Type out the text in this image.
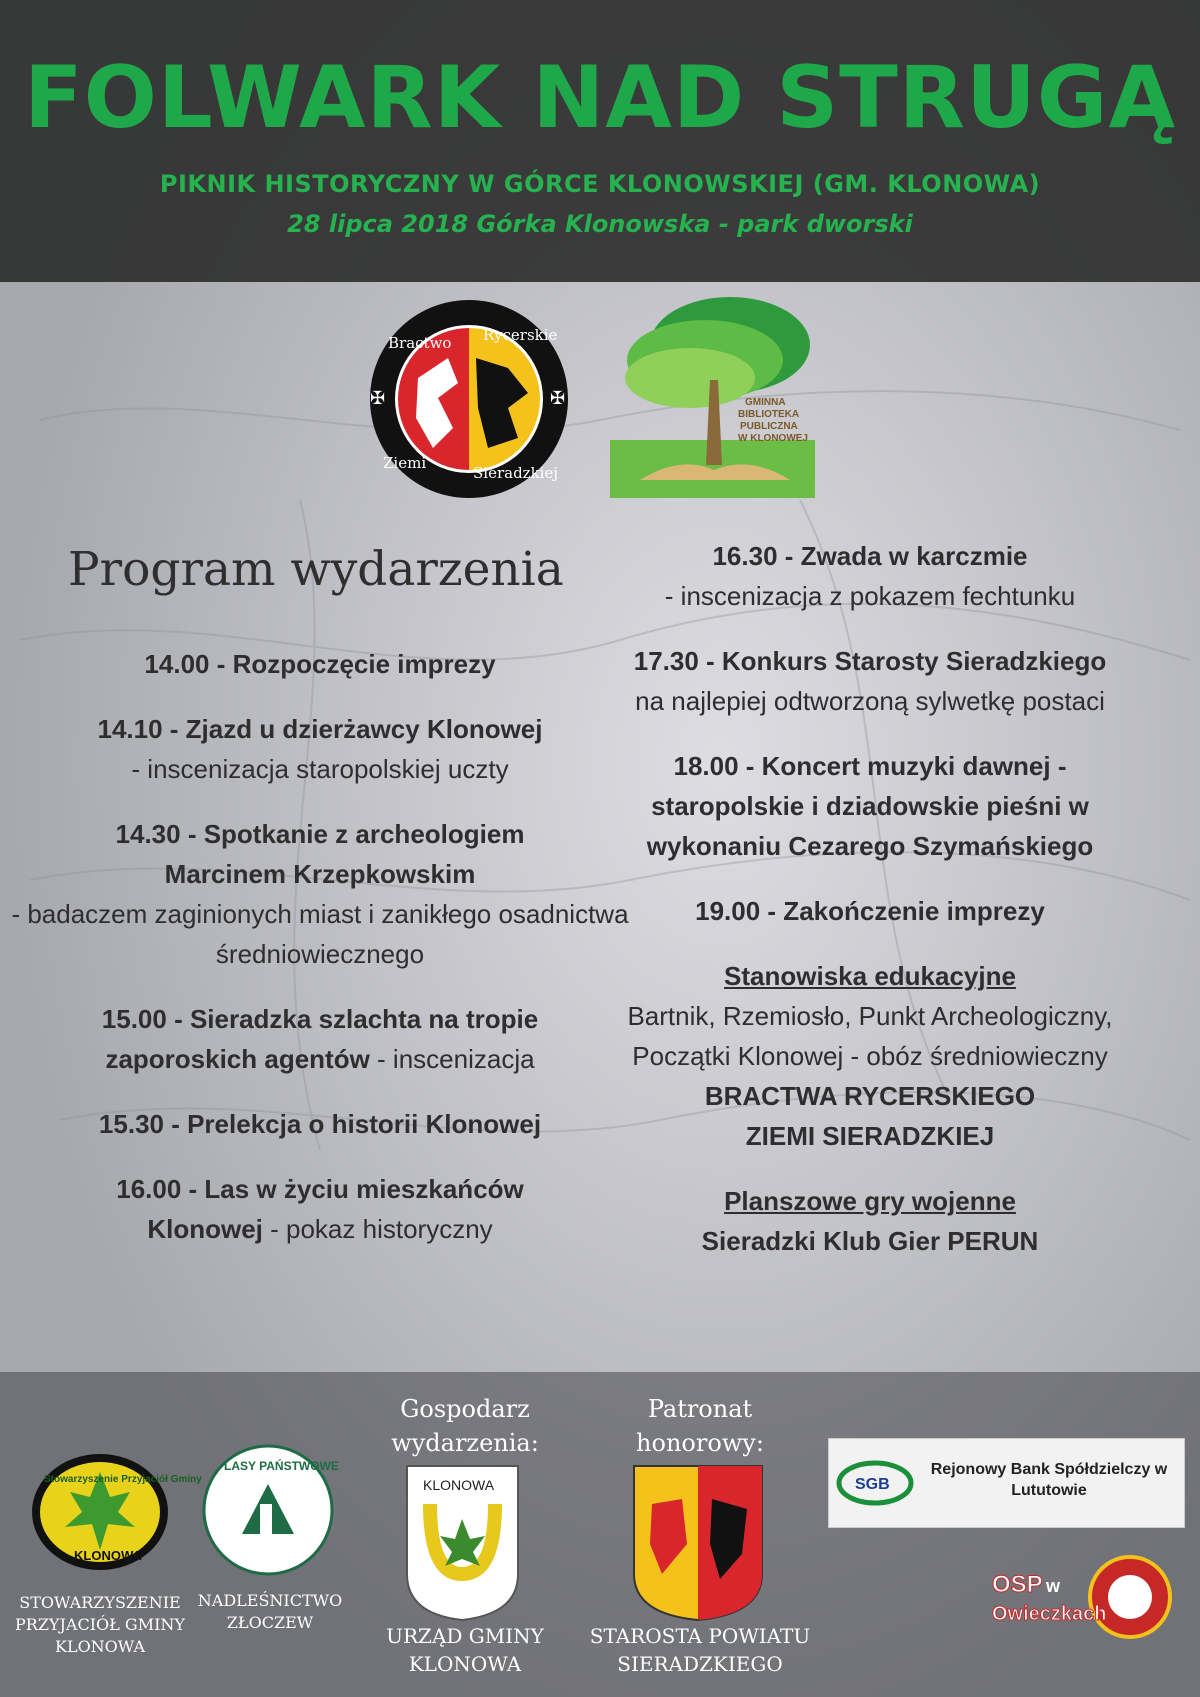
FOLWARK NAD STRUGĄ
PIKNIK HISTORYCZNY W GÓRCE KLONOWSKIEJ (GM. KLONOWA)
28 lipca 2018 Górka Klonowska - park dworski
Bractwo Rycerskie
Ziemi
Sieradzkiej
✠	✠	GMINNA
BIBLIOTEKA
PUBLICZNA
W KLONOWEJ
Program wydarzenia
14.00 - Rozpoczęcie imprezy
14.10 - Zjazd u dzierżawcy Klonowej
- inscenizacja staropolskiej uczty
14.30 - Spotkanie z archeologiem Marcinem Krzepkowskim
- badaczem zaginionych miast i zanikłego osadnictwa średniowiecznego
15.00 - Sieradzka szlachta na tropie zaporoskich agentów - inscenizacja
15.30 - Prelekcja o historii Klonowej
16.00 - Las w życiu mieszkańców Klonowej - pokaz historyczny
16.30 - Zwada w karczmie
- inscenizacja z pokazem fechtunku
17.30 - Konkurs Starosty Sieradzkiego
na najlepiej odtworzoną sylwetkę postaci
18.00 - Koncert muzyki dawnej - staropolskie i dziadowskie pieśni w wykonaniu Cezarego Szymańskiego
19.00 - Zakończenie imprezy
Stanowiska edukacyjne
Bartnik, Rzemiosło, Punkt Archeologiczny, Początki Klonowej - obóz średniowieczny
BRACTWA RYCERSKIEGO ZIEMI SIERADZKIEJ
Planszowe gry wojenne
Sieradzki Klub Gier PERUN
Stowarzyszenie Przyjaciół Gminy
KLONOWA
STOWARZYSZENIE PRZYJACIÓŁ GMINY KLONOWA
LASY PAŃSTWOWE
NADLEŚNICTWO ZŁOCZEW
Gospodarz wydarzenia:
KLONOWA
URZĄD GMINY KLONOWA
Patronat honorowy:
STAROSTA POWIATU SIERADZKIEGO
SGB
Rejonowy Bank Spółdzielczy w Lututowie
OSP w
Owieczkach
